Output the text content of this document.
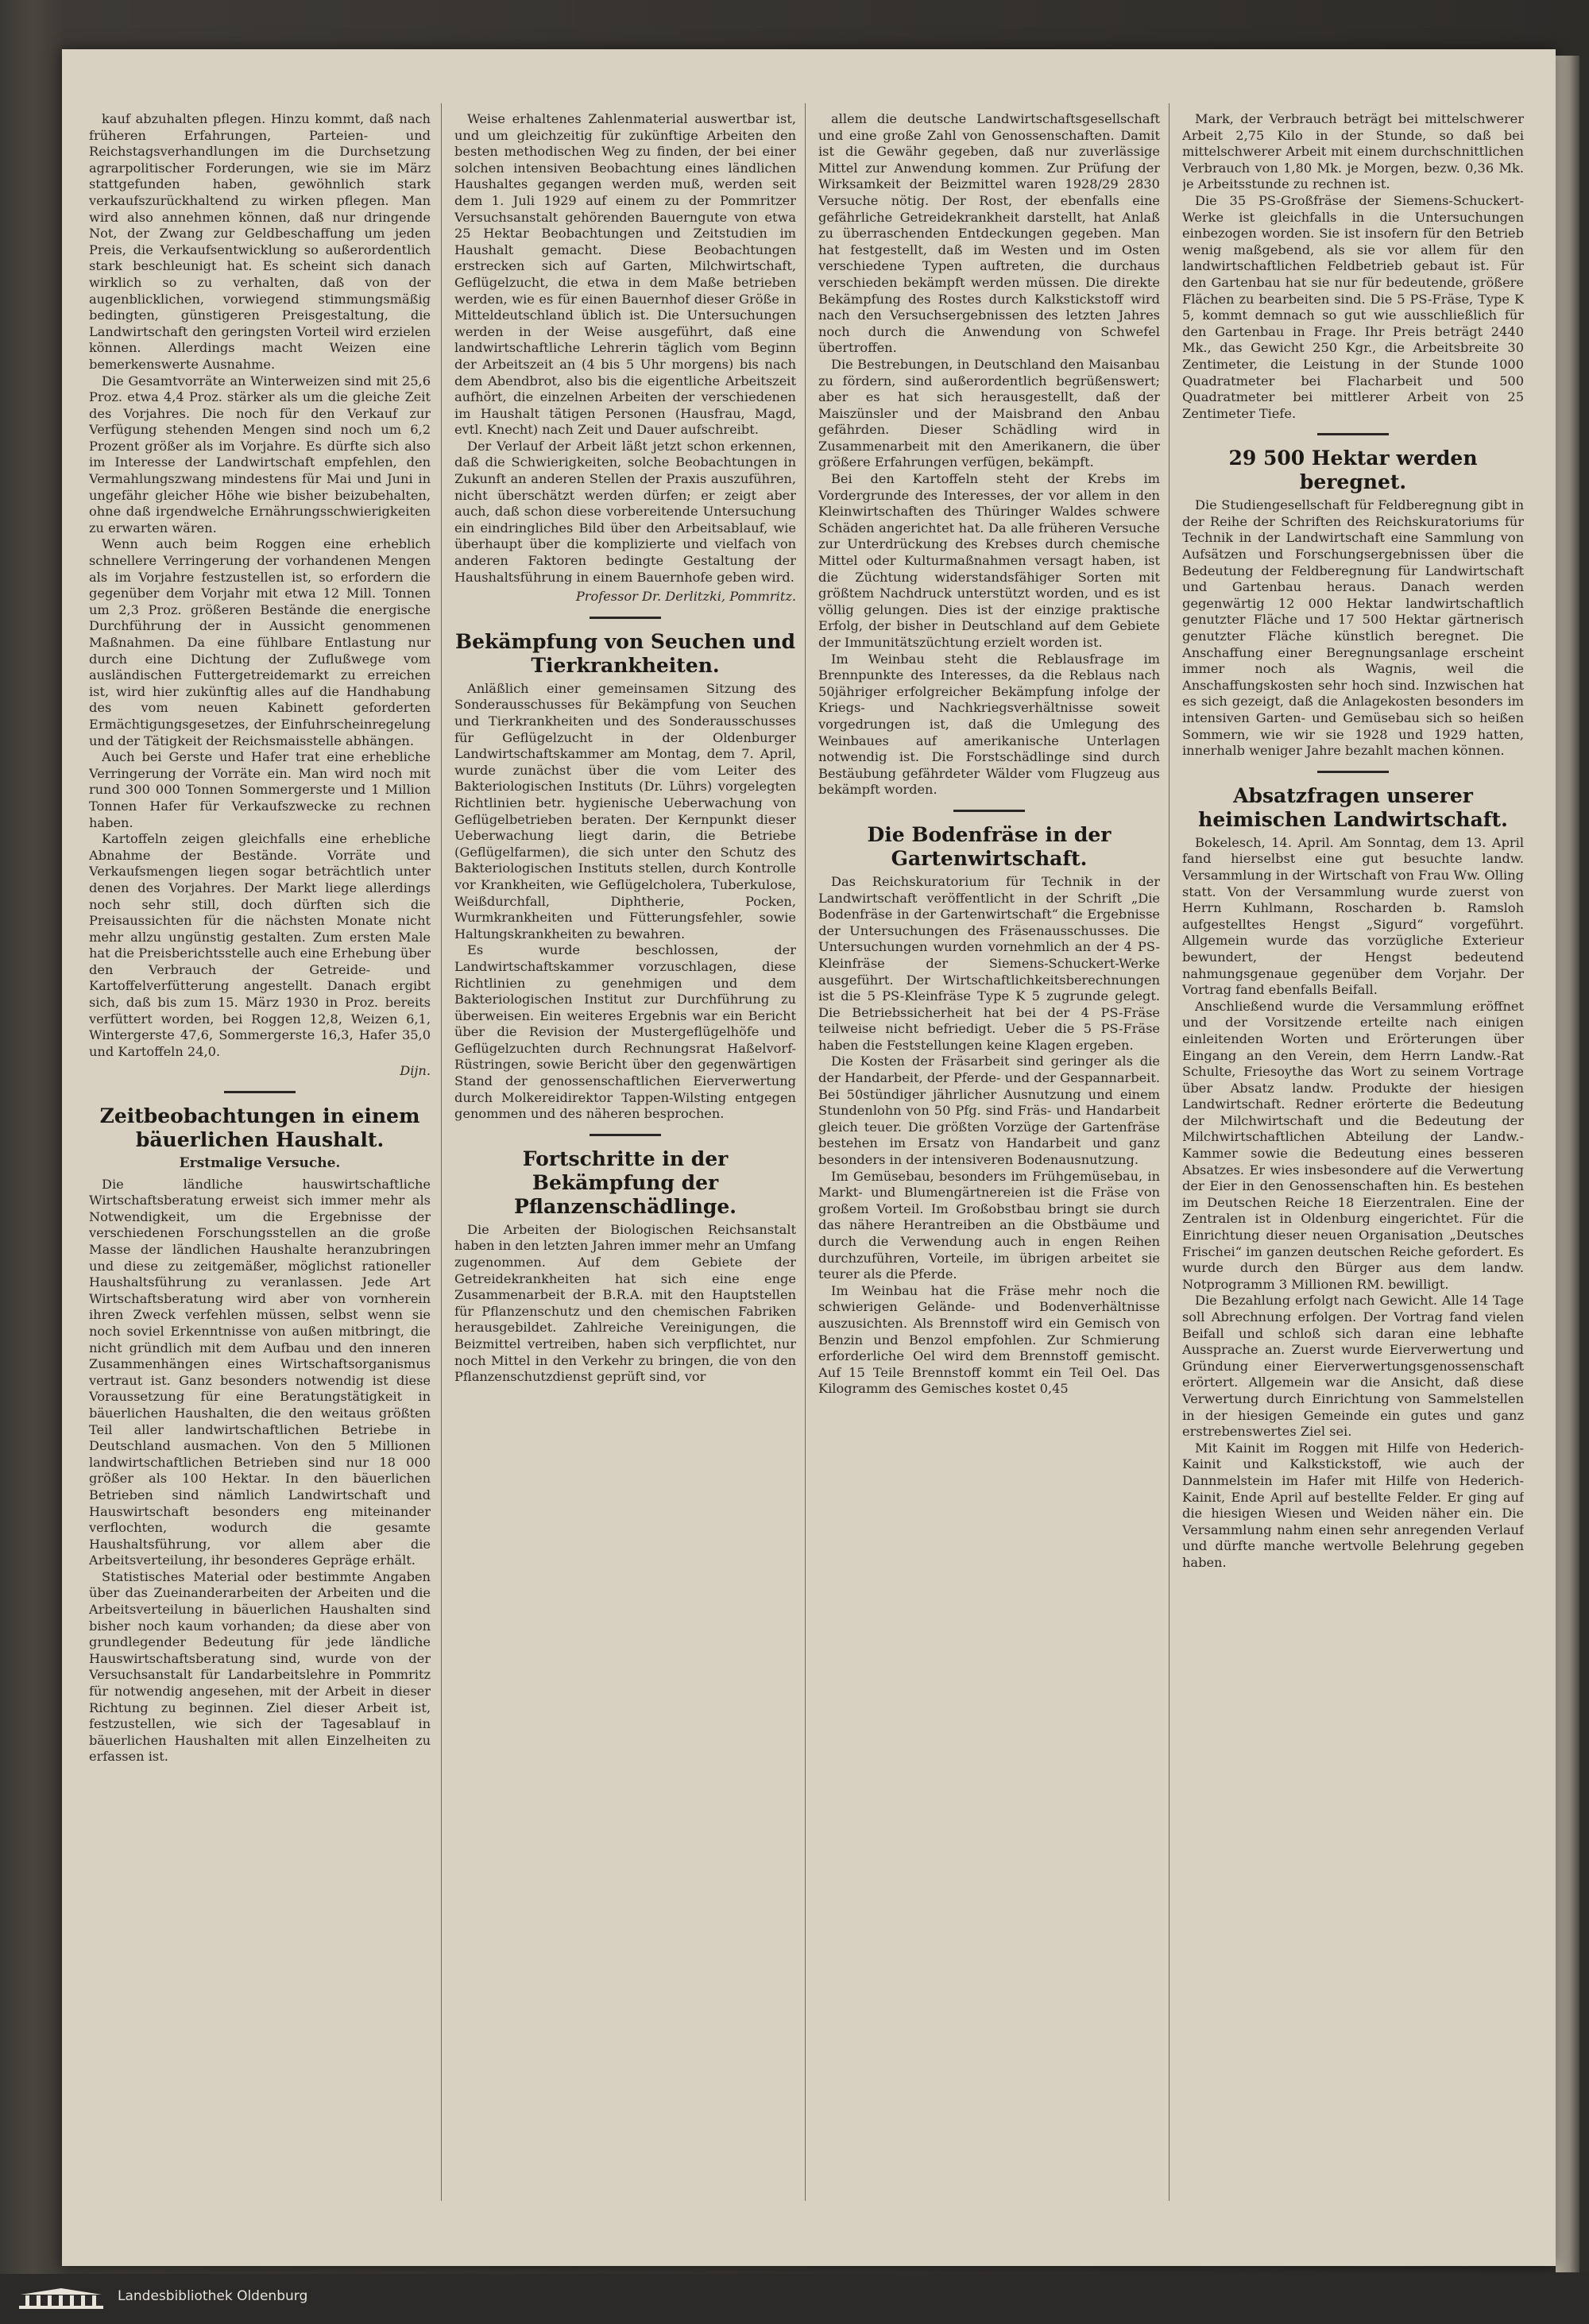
kauf abzuhalten pflegen. Hinzu kommt, daß nach früheren Erfahrungen, Parteien- und Reichstagsverhandlungen im die Durchsetzung agrarpolitischer Forderungen, wie sie im März stattgefunden haben, gewöhnlich stark verkaufszurückhaltend zu wirken pflegen. Man wird also annehmen können, daß nur dringende Not, der Zwang zur Geldbeschaffung um jeden Preis, die Verkaufsentwicklung so außerordentlich stark beschleunigt hat. Es scheint sich danach wirklich so zu verhalten, daß von der augenblicklichen, vorwiegend stimmungsmäßig bedingten, günstigeren Preisgestaltung, die Landwirtschaft den geringsten Vorteil wird erzielen können. Allerdings macht Weizen eine bemerkenswerte Ausnahme.

Die Gesamtvorräte an Winterweizen sind mit 25,6 Proz. etwa 4,4 Proz. stärker als um die gleiche Zeit des Vorjahres. Die noch für den Verkauf zur Verfügung stehenden Mengen sind noch um 6,2 Prozent größer als im Vorjahre. Es dürfte sich also im Interesse der Landwirtschaft empfehlen, den Vermahlungszwang mindestens für Mai und Juni in ungefähr gleicher Höhe wie bisher beizubehalten, ohne daß irgendwelche Ernährungsschwierigkeiten zu erwarten wären.

Wenn auch beim Roggen eine erheblich schnellere Verringerung der vorhandenen Mengen als im Vorjahre festzustellen ist, so erfordern die gegenüber dem Vorjahr mit etwa 12 Mill. Tonnen um 2,3 Proz. größeren Bestände die energische Durchführung der in Aussicht genommenen Maßnahmen. Da eine fühlbare Entlastung nur durch eine Dichtung der Zuflußwege vom ausländischen Futtergetreidemarkt zu erreichen ist, wird hier zukünftig alles auf die Handhabung des vom neuen Kabinett geforderten Ermächtigungsgesetzes, der Einfuhrscheinregelung und der Tätigkeit der Reichsmaisstelle abhängen.

Auch bei Gerste und Hafer trat eine erhebliche Verringerung der Vorräte ein. Man wird noch mit rund 300 000 Tonnen Sommergerste und 1 Million Tonnen Hafer für Verkaufszwecke zu rechnen haben.

Kartoffeln zeigen gleichfalls eine erhebliche Abnahme der Bestände. Vorräte und Verkaufsmengen liegen sogar beträchtlich unter denen des Vorjahres. Der Markt liege allerdings noch sehr still, doch dürften sich die Preisaussichten für die nächsten Monate nicht mehr allzu ungünstig gestalten. Zum ersten Male hat die Preisberichtsstelle auch eine Erhebung über den Verbrauch der Getreide- und Kartoffelverfütterung angestellt. Danach ergibt sich, daß bis zum 15. März 1930 in Proz. bereits verfüttert worden, bei Roggen 12,8, Weizen 6,1, Wintergerste 47,6, Sommergerste 16,3, Hafer 35,0 und Kartoffeln 24,0.

Dijn.
Zeitbeobachtungen in einem bäuerlichen Haushalt.
Erstmalige Versuche.

Die ländliche hauswirtschaftliche Wirtschaftsberatung erweist sich immer mehr als Notwendigkeit, um die Ergebnisse der verschiedenen Forschungsstellen an die große Masse der ländlichen Haushalte heranzubringen und diese zu zeitgemäßer, möglichst rationeller Haushaltsführung zu veranlassen. Jede Art Wirtschaftsberatung wird aber von vornherein ihren Zweck verfehlen müssen, selbst wenn sie noch soviel Erkenntnisse von außen mitbringt, die nicht gründlich mit dem Aufbau und den inneren Zusammenhängen eines Wirtschaftsorganismus vertraut ist. Ganz besonders notwendig ist diese Voraussetzung für eine Beratungstätigkeit in bäuerlichen Haushalten, die den weitaus größten Teil aller landwirtschaftlichen Betriebe in Deutschland ausmachen. Von den 5 Millionen landwirtschaftlichen Betrieben sind nur 18 000 größer als 100 Hektar. In den bäuerlichen Betrieben sind nämlich Landwirtschaft und Hauswirtschaft besonders eng miteinander verflochten, wodurch die gesamte Haushaltsführung, vor allem aber die Arbeitsverteilung, ihr besonderes Gepräge erhält.

Statistisches Material oder bestimmte Angaben über das Zueinanderarbeiten der Arbeiten und die Arbeitsverteilung in bäuerlichen Haushalten sind bisher noch kaum vorhanden; da diese aber von grundlegender Bedeutung für jede ländliche Hauswirtschaftsberatung sind, wurde von der Versuchsanstalt für Landarbeitslehre in Pommritz für notwendig angesehen, mit der Arbeit in dieser Richtung zu beginnen. Ziel dieser Arbeit ist, festzustellen, wie sich der Tagesablauf in bäuerlichen Haushalten mit allen Einzelheiten zu erfassen ist.

Weise erhaltenes Zahlenmaterial auswertbar ist, und um gleichzeitig für zukünftige Arbeiten den besten methodischen Weg zu finden, der bei einer solchen intensiven Beobachtung eines ländlichen Haushaltes gegangen werden muß, werden seit dem 1. Juli 1929 auf einem zu der Pommritzer Versuchsanstalt gehörenden Bauerngute von etwa 25 Hektar Beobachtungen und Zeitstudien im Haushalt gemacht. Diese Beobachtungen erstrecken sich auf Garten, Milchwirtschaft, Geflügelzucht, die etwa in dem Maße betrieben werden, wie es für einen Bauernhof dieser Größe in Mitteldeutschland üblich ist. Die Untersuchungen werden in der Weise ausgeführt, daß eine landwirtschaftliche Lehrerin täglich vom Beginn der Arbeitszeit an (4 bis 5 Uhr morgens) bis nach dem Abendbrot, also bis die eigentliche Arbeitszeit aufhört, die einzelnen Arbeiten der verschiedenen im Haushalt tätigen Personen (Hausfrau, Magd, evtl. Knecht) nach Zeit und Dauer aufschreibt.

Der Verlauf der Arbeit läßt jetzt schon erkennen, daß die Schwierigkeiten, solche Beobachtungen in Zukunft an anderen Stellen der Praxis auszuführen, nicht überschätzt werden dürfen; er zeigt aber auch, daß schon diese vorbereitende Untersuchung ein eindringliches Bild über den Arbeitsablauf, wie überhaupt über die komplizierte und vielfach von anderen Faktoren bedingte Gestaltung der Haushaltsführung in einem Bauernhofe geben wird.

Professor Dr. Derlitzki, Pommritz.
Bekämpfung von Seuchen und Tierkrankheiten.

Anläßlich einer gemeinsamen Sitzung des Sonderausschusses für Bekämpfung von Seuchen und Tierkrankheiten und des Sonderausschusses für Geflügelzucht in der Oldenburger Landwirtschaftskammer am Montag, dem 7. April, wurde zunächst über die vom Leiter des Bakteriologischen Instituts (Dr. Lührs) vorgelegten Richtlinien betr. hygienische Ueberwachung von Geflügelbetrieben beraten. Der Kernpunkt dieser Ueberwachung liegt darin, die Betriebe (Geflügelfarmen), die sich unter den Schutz des Bakteriologischen Instituts stellen, durch Kontrolle vor Krankheiten, wie Geflügelcholera, Tuberkulose, Weißdurchfall, Diphtherie, Pocken, Wurmkrankheiten und Fütterungsfehler, sowie Haltungskrankheiten zu bewahren.

Es wurde beschlossen, der Landwirtschaftskammer vorzuschlagen, diese Richtlinien zu genehmigen und dem Bakteriologischen Institut zur Durchführung zu überweisen. Ein weiteres Ergebnis war ein Bericht über die Revision der Mustergeflügelhöfe und Geflügelzuchten durch Rechnungsrat Haßelvorf-Rüstringen, sowie Bericht über den gegenwärtigen Stand der genossenschaftlichen Eierverwertung durch Molkereidirektor Tappen-Wilsting entgegen genommen und des näheren besprochen.

Fortschritte in der Bekämpfung der Pflanzenschädlinge.

Die Arbeiten der Biologischen Reichsanstalt haben in den letzten Jahren immer mehr an Umfang zugenommen. Auf dem Gebiete der Getreidekrankheiten hat sich eine enge Zusammenarbeit der B.R.A. mit den Hauptstellen für Pflanzenschutz und den chemischen Fabriken herausgebildet. Zahlreiche Vereinigungen, die Beizmittel vertreiben, haben sich verpflichtet, nur noch Mittel in den Verkehr zu bringen, die von den Pflanzenschutzdienst geprüft sind, vor

allem die deutsche Landwirtschaftsgesellschaft und eine große Zahl von Genossenschaften. Damit ist die Gewähr gegeben, daß nur zuverlässige Mittel zur Anwendung kommen. Zur Prüfung der Wirksamkeit der Beizmittel waren 1928/29 2830 Versuche nötig. Der Rost, der ebenfalls eine gefährliche Getreidekrankheit darstellt, hat Anlaß zu überraschenden Entdeckungen gegeben. Man hat festgestellt, daß im Westen und im Osten verschiedene Typen auftreten, die durchaus verschieden bekämpft werden müssen. Die direkte Bekämpfung des Rostes durch Kalkstickstoff wird nach den Versuchsergebnissen des letzten Jahres noch durch die Anwendung von Schwefel übertroffen.

Die Bestrebungen, in Deutschland den Maisanbau zu fördern, sind außerordentlich begrüßenswert; aber es hat sich herausgestellt, daß der Maiszünsler und der Maisbrand den Anbau gefährden. Dieser Schädling wird in Zusammenarbeit mit den Amerikanern, die über größere Erfahrungen verfügen, bekämpft.

Bei den Kartoffeln steht der Krebs im Vordergrunde des Interesses, der vor allem in den Kleinwirtschaften des Thüringer Waldes schwere Schäden angerichtet hat. Da alle früheren Versuche zur Unterdrückung des Krebses durch chemische Mittel oder Kulturmaßnahmen versagt haben, ist die Züchtung widerstandsfähiger Sorten mit größtem Nachdruck unterstützt worden, und es ist völlig gelungen. Dies ist der einzige praktische Erfolg, der bisher in Deutschland auf dem Gebiete der Immunitätszüchtung erzielt worden ist.

Im Weinbau steht die Reblausfrage im Brennpunkte des Interesses, da die Reblaus nach 50jähriger erfolgreicher Bekämpfung infolge der Kriegs- und Nachkriegsverhältnisse soweit vorgedrungen ist, daß die Umlegung des Weinbaues auf amerikanische Unterlagen notwendig ist. Die Forstschädlinge sind durch Bestäubung gefährdeter Wälder vom Flugzeug aus bekämpft worden.

Die Bodenfräse in der Gartenwirtschaft.

Das Reichskuratorium für Technik in der Landwirtschaft veröffentlicht in der Schrift „Die Bodenfräse in der Gartenwirtschaft“ die Ergebnisse der Untersuchungen des Fräsenausschusses. Die Untersuchungen wurden vornehmlich an der 4 PS-Kleinfräse der Siemens-Schuckert-Werke ausgeführt. Der Wirtschaftlichkeitsberechnungen ist die 5 PS-Kleinfräse Type K 5 zugrunde gelegt. Die Betriebssicherheit hat bei der 4 PS-Fräse teilweise nicht befriedigt. Ueber die 5 PS-Fräse haben die Feststellungen keine Klagen ergeben.

Die Kosten der Fräsarbeit sind geringer als die der Handarbeit, der Pferde- und der Gespannarbeit. Bei 50stündiger jährlicher Ausnutzung und einem Stundenlohn von 50 Pfg. sind Fräs- und Handarbeit gleich teuer. Die größten Vorzüge der Gartenfräse bestehen im Ersatz von Handarbeit und ganz besonders in der intensiveren Bodenausnutzung.

Im Gemüsebau, besonders im Frühgemüsebau, in Markt- und Blumengärtnereien ist die Fräse von großem Vorteil. Im Großobstbau bringt sie durch das nähere Herantreiben an die Obstbäume und durch die Verwendung auch in engen Reihen durchzuführen, Vorteile, im übrigen arbeitet sie teurer als die Pferde.

Im Weinbau hat die Fräse mehr noch die schwierigen Gelände- und Bodenverhältnisse auszusichten. Als Brennstoff wird ein Gemisch von Benzin und Benzol empfohlen. Zur Schmierung erforderliche Oel wird dem Brennstoff gemischt. Auf 15 Teile Brennstoff kommt ein Teil Oel. Das Kilogramm des Gemisches kostet 0,45

Mark, der Verbrauch beträgt bei mittelschwerer Arbeit 2,75 Kilo in der Stunde, so daß bei mittelschwerer Arbeit mit einem durchschnittlichen Verbrauch von 1,80 Mk. je Morgen, bezw. 0,36 Mk. je Arbeitsstunde zu rechnen ist.

Die 35 PS-Großfräse der Siemens-Schuckert-Werke ist gleichfalls in die Untersuchungen einbezogen worden. Sie ist insofern für den Betrieb wenig maßgebend, als sie vor allem für den landwirtschaftlichen Feldbetrieb gebaut ist. Für den Gartenbau hat sie nur für bedeutende, größere Flächen zu bearbeiten sind. Die 5 PS-Fräse, Type K 5, kommt demnach so gut wie ausschließlich für den Gartenbau in Frage. Ihr Preis beträgt 2440 Mk., das Gewicht 250 Kgr., die Arbeitsbreite 30 Zentimeter, die Leistung in der Stunde 1000 Quadratmeter bei Flacharbeit und 500 Quadratmeter bei mittlerer Arbeit von 25 Zentimeter Tiefe.

29 500 Hektar werden beregnet.

Die Studiengesellschaft für Feldberegnung gibt in der Reihe der Schriften des Reichskuratoriums für Technik in der Landwirtschaft eine Sammlung von Aufsätzen und Forschungsergebnissen über die Bedeutung der Feldberegnung für Landwirtschaft und Gartenbau heraus. Danach werden gegenwärtig 12 000 Hektar landwirtschaftlich genutzter Fläche und 17 500 Hektar gärtnerisch genutzter Fläche künstlich beregnet. Die Anschaffung einer Beregnungsanlage erscheint immer noch als Wagnis, weil die Anschaffungskosten sehr hoch sind. Inzwischen hat es sich gezeigt, daß die Anlagekosten besonders im intensiven Garten- und Gemüsebau sich so heißen Sommern, wie wir sie 1928 und 1929 hatten, innerhalb weniger Jahre bezahlt machen können.

Absatzfragen unserer heimischen Landwirtschaft.

Bokelesch, 14. April. Am Sonntag, dem 13. April fand hierselbst eine gut besuchte landw. Versammlung in der Wirtschaft von Frau Ww. Olling statt. Von der Versammlung wurde zuerst von Herrn Kuhlmann, Roscharden b. Ramsloh aufgestelltes Hengst „Sigurd“ vorgeführt. Allgemein wurde das vorzügliche Exterieur bewundert, der Hengst bedeutend nahmungsgenaue gegenüber dem Vorjahr. Der Vortrag fand ebenfalls Beifall.

Anschließend wurde die Versammlung eröffnet und der Vorsitzende erteilte nach einigen einleitenden Worten und Erörterungen über Eingang an den Verein, dem Herrn Landw.-Rat Schulte, Friesoythe das Wort zu seinem Vortrage über Absatz landw. Produkte der hiesigen Landwirtschaft. Redner erörterte die Bedeutung der Milchwirtschaft und die Bedeutung der Milchwirtschaftlichen Abteilung der Landw.-Kammer sowie die Bedeutung eines besseren Absatzes. Er wies insbesondere auf die Verwertung der Eier in den Genossenschaften hin. Es bestehen im Deutschen Reiche 18 Eierzentralen. Eine der Zentralen ist in Oldenburg eingerichtet. Für die Einrichtung dieser neuen Organisation „Deutsches Frischei“ im ganzen deutschen Reiche gefordert. Es wurde durch den Bürger aus dem landw. Notprogramm 3 Millionen RM. bewilligt.

Die Bezahlung erfolgt nach Gewicht. Alle 14 Tage soll Abrechnung erfolgen. Der Vortrag fand vielen Beifall und schloß sich daran eine lebhafte Aussprache an. Zuerst wurde Eierverwertung und Gründung einer Eierverwertungsgenossenschaft erörtert. Allgemein war die Ansicht, daß diese Verwertung durch Einrichtung von Sammelstellen in der hiesigen Gemeinde ein gutes und ganz erstrebenswertes Ziel sei.

Mit Kainit im Roggen mit Hilfe von Hederich-Kainit und Kalkstickstoff, wie auch der Dannmelstein im Hafer mit Hilfe von Hederich-Kainit, Ende April auf bestellte Felder. Er ging auf die hiesigen Wiesen und Weiden näher ein. Die Versammlung nahm einen sehr anregenden Verlauf und dürfte manche wertvolle Belehrung gegeben haben.

Landesbibliothek Oldenburg
